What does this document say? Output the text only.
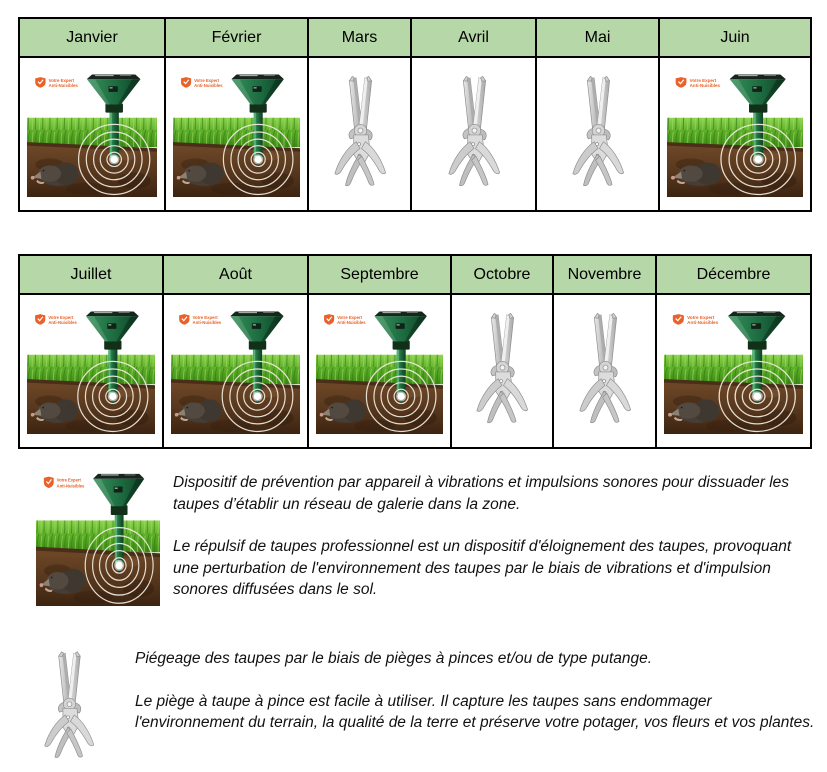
Janvier	Février	Mars	Avril	Mai	Juin

Juillet	Août	Septembre	Octobre	Novembre	Décembre

Dispositif de prévention par appareil à vibrations et impulsions sonores pour dissuader les taupes d’établir un réseau de galerie dans la zone.

Le répulsif de taupes professionnel est un dispositif d'éloignement des taupes, provoquant une perturbation de l'environnement des taupes par le biais de vibrations et d'impulsion sonores diffusées dans le sol.

Piégeage des taupes par le biais de pièges à pinces et/ou de type putange.

Le piège à taupe à pince est facile à utiliser. Il capture les taupes sans endommager l'environnement du terrain, la qualité de la terre et préserve votre potager, vos fleurs et vos plantes.
